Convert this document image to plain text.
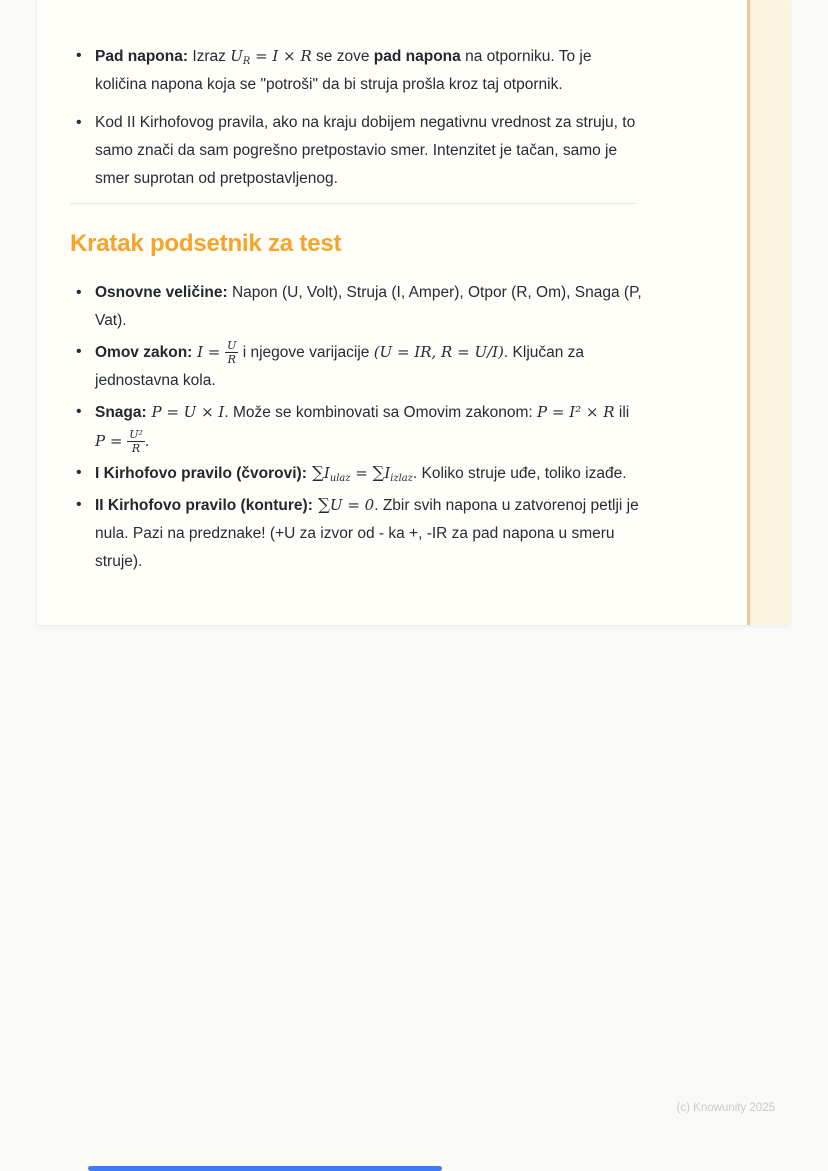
• Pad napona: Izraz $U_R = I \times R$ se zove pad napona na otporniku. To je količina napona koja se "potroši" da bi struja prošla kroz taj otpornik.
• Kod II Kirhofovog pravila, ako na kraju dobijem negativnu vrednost za struju, to samo znači da sam pogrešno pretpostavio smer. Intenzitet je tačan, samo je smer suprotan od pretpostavljenog.
Kratak podsetnik za test
• Osnovne veličine: Napon (U, Volt), Struja (I, Amper), Otpor (R, Om), Snaga (P, Vat).
• Omov zakon: $I = \frac{U}{R}$ i njegove varijacije (U = IR, R = U/I). Ključan za jednostavna kola.
• Snaga: P = U × I. Može se kombinovati sa Omovim zakonom: P = I² × R ili $P = \frac{\text{U²}}{R}$ .
• I Kirhofovo pravilo (čvorovi): $\sum I_{ulaz} = \sum I_{izlaz}$. Koliko struje uđe, toliko izađe.
• II Kirhofovo pravilo (konture): ∑U = 0. Zbir svih napona u zatvorenoj petlji je nula. Pazi na predznake! (+U za izvor od - ka +, -IR za pad napona u smeru struje).
(c) Knowunity 2025
